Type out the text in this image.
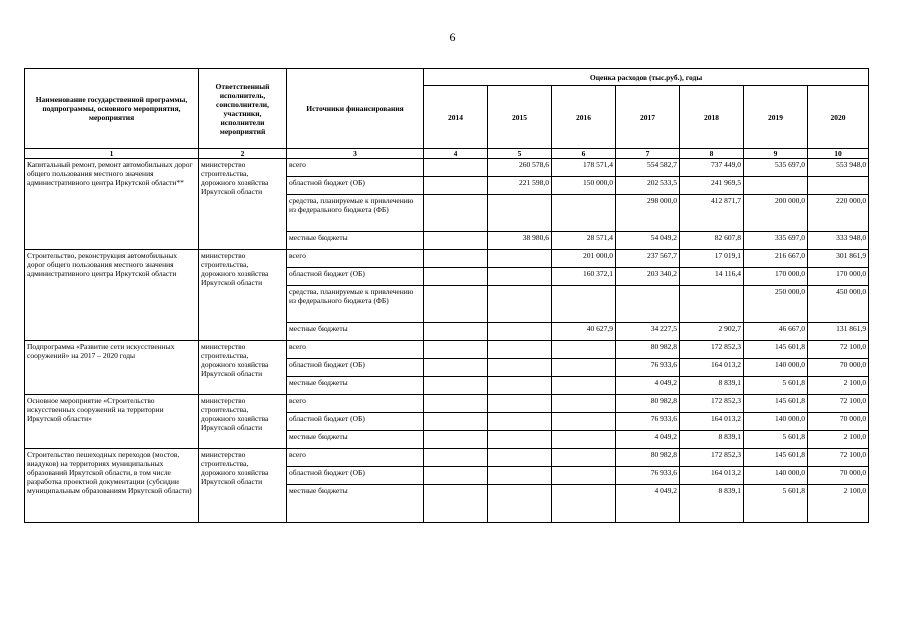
6
Наименование государственной программы, подпрограммы, основного мероприятия, мероприятия	Ответственный исполнитель, соисполнители, участники, исполнители мероприятий	Источники финансирования	Оценка расходов (тыс.руб.), годы						
			2014	2015	2016	2017	2018	2019	2020
1	2	3	4	5	6	7	8	9	10
Капитальный ремонт, ремонт автомобильных дорог общего пользования местного значения административного центра Иркутской области**	министерство строительства, дорожного хозяйства Иркутской области	всего		260 578,6	178 571,4	554 582,7	737 449,0	535 697,0	553 948,0
		областной бюджет (ОБ)		221 598,0	150 000,0	202 533,5	241 969,5		
		средства, планируемые к привлечению из федерального бюджета (ФБ)				298 000,0	412 871,7	200 000,0	220 000,0
		местные бюджеты		38 980,6	28 571,4	54 049,2	82 607,8	335 697,0	333 948,0
Строительство, реконструкция автомобильных дорог общего пользования местного значения административного центра Иркутской области	министерство строительства, дорожного хозяйства Иркутской области	всего			201 000,0	237 567,7	17 019,1	216 667,0	301 861,9
		областной бюджет (ОБ)			160 372,1	203 340,2	14 116,4	170 000,0	170 000,0
		средства, планируемые к привлечению из федерального бюджета (ФБ)						250 000,0	450 000,0
		местные бюджеты			40 627,9	34 227,5	2 902,7	46 667,0	131 861,9
Подпрограмма «Развитие сети искусственных сооружений» на 2017 – 2020 годы	министерство строительства, дорожного хозяйства Иркутской области	всего				80 982,8	172 852,3	145 601,8	72 100,0
		областной бюджет (ОБ)				76 933,6	164 013,2	140 000,0	70 000,0
		местные бюджеты				4 049,2	8 839,1	5 601,8	2 100,0
Основное мероприятие «Строительство искусственных сооружений на территории Иркутской области»	министерство строительства, дорожного хозяйства Иркутской области	всего				80 982,8	172 852,3	145 601,8	72 100,0
		областной бюджет (ОБ)				76 933,6	164 013,2	140 000,0	70 000,0
		местные бюджеты				4 049,2	8 839,1	5 601,8	2 100,0
Строительство пешеходных переходов (мостов, виадуков) на территориях муниципальных образований Иркутской области, в том числе разработка проектной документации (субсидии муниципальным образованиям Иркутской области)	министерство строительства, дорожного хозяйства Иркутской области	всего				80 982,8	172 852,3	145 601,8	72 100,0
		областной бюджет (ОБ)				76 933,6	164 013,2	140 000,0	70 000,0
		местные бюджеты				4 049,2	8 839,1	5 601,8	2 100,0
